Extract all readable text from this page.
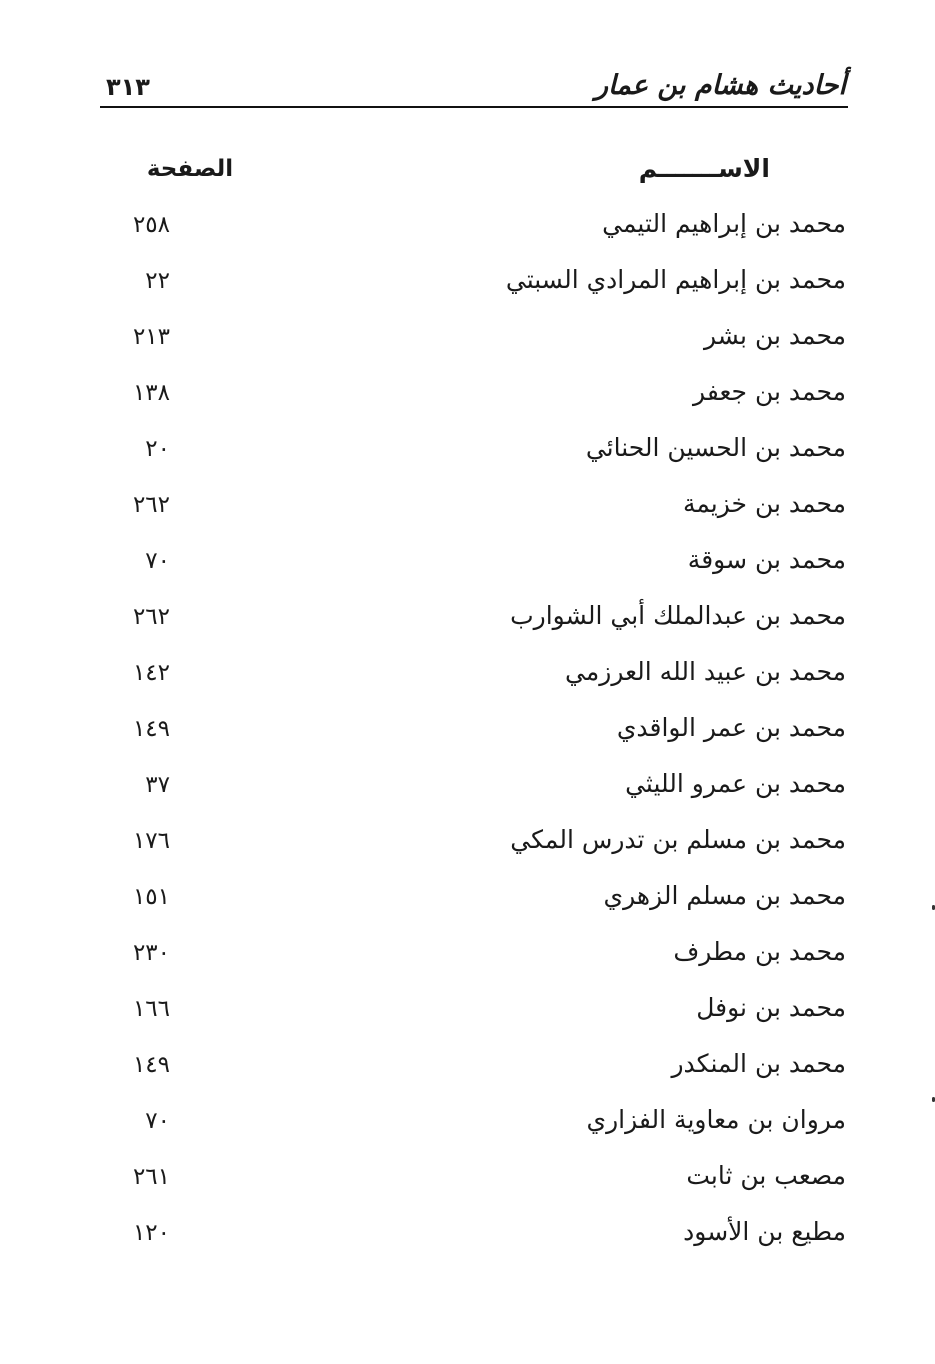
أحاديث هشام بن عمار
٣١٣
الاســـــــم
الصفحة
محمد بن إبراهيم التيمي
٢٥٨
محمد بن إبراهيم المرادي السبتي
٢٢
محمد بن بشر
٢١٣
محمد بن جعفر
١٣٨
محمد بن الحسين الحنائي
٢٠
محمد بن خزيمة
٢٦٢
محمد بن سوقة
٧٠
محمد بن عبدالملك أبي الشوارب
٢٦٢
محمد بن عبيد الله العرزمي
١٤٢
محمد بن عمر الواقدي
١٤٩
محمد بن عمرو الليثي
٣٧
محمد بن مسلم بن تدرس المكي
١٧٦
محمد بن مسلم الزهري
١٥١
محمد بن مطرف
٢٣٠
محمد بن نوفل
١٦٦
محمد بن المنكدر
١٤٩
مروان بن معاوية الفزاري
٧٠
مصعب بن ثابت
٢٦١
مطيع بن الأسود
١٢٠
